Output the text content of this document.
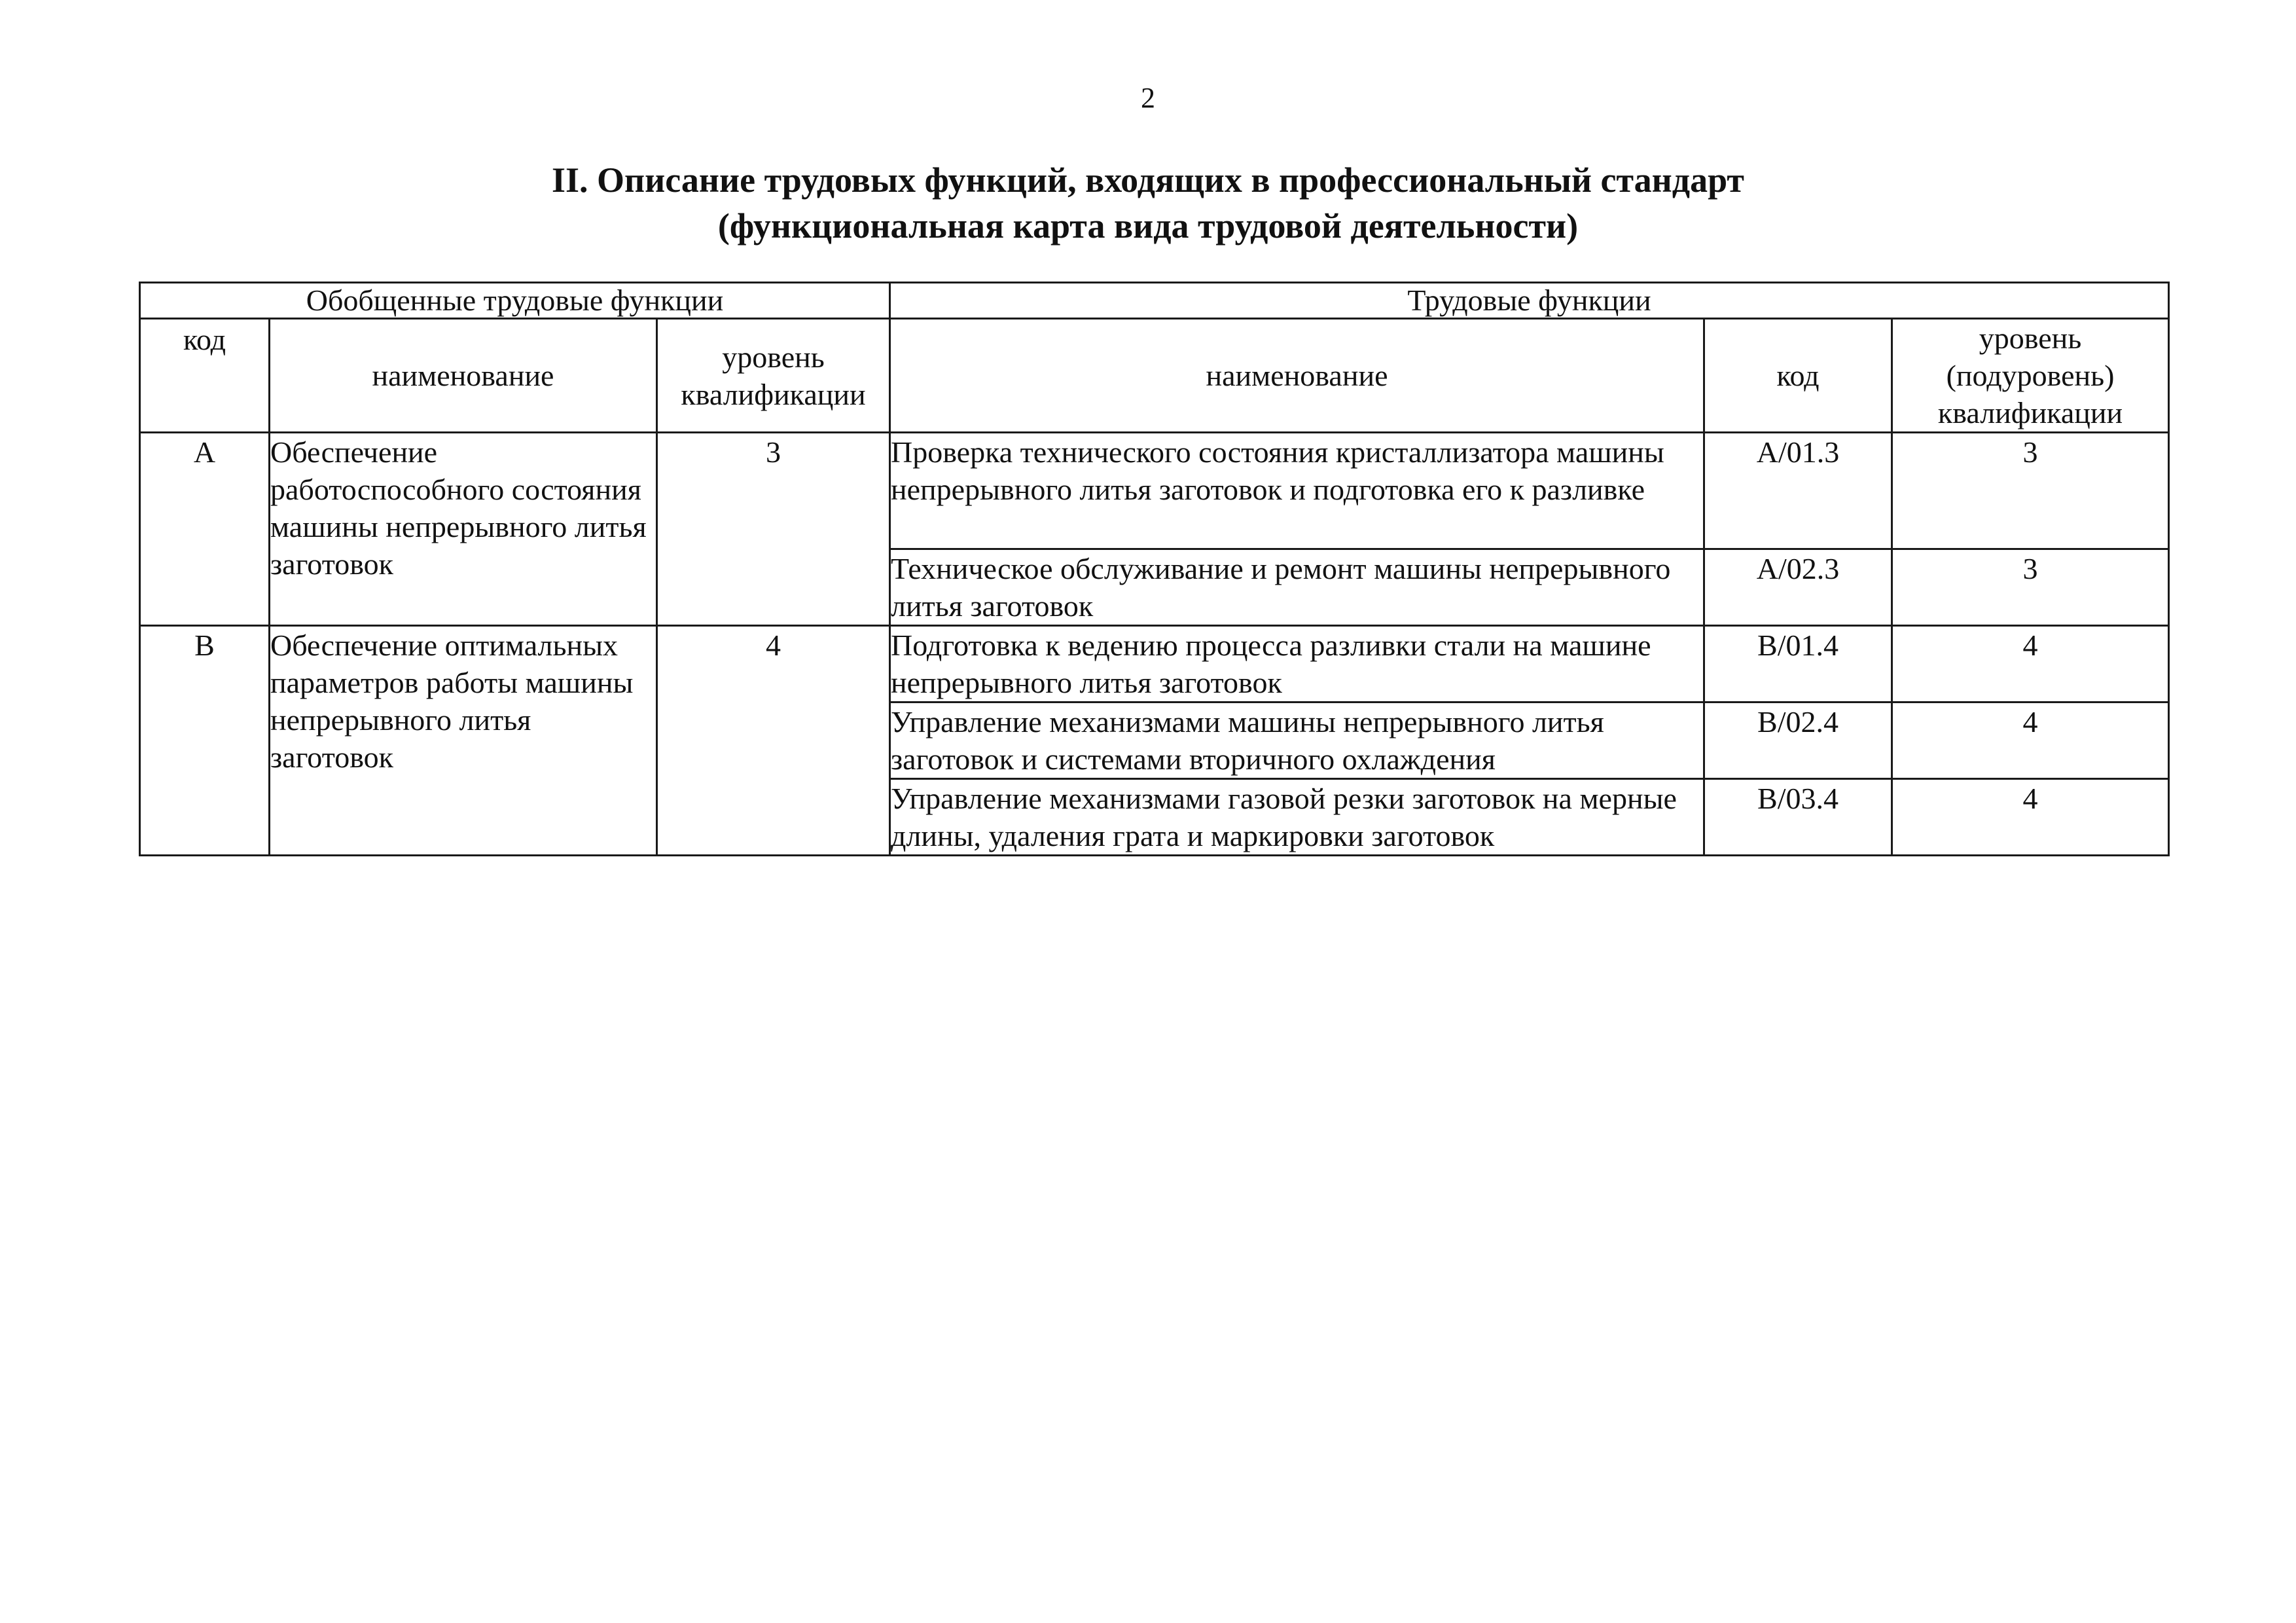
2
II. Описание трудовых функций, входящих в профессиональный стандарт
(функциональная карта вида трудовой деятельности)
Обобщенные трудовые функции			Трудовые функции		
код	наименование	уровень квалификации	наименование	код	уровень (подуровень) квалификации
A	Обеспечение работоспособного состояния машины непрерывного литья заготовок	3	Проверка технического состояния кристаллизатора машины непрерывного литья заготовок и подготовка его к разливке	A/01.3	3
			Техническое обслуживание и ремонт машины непрерывного литья заготовок	A/02.3	3
B	Обеспечение оптимальных параметров работы машины непрерывного литья заготовок	4	Подготовка к ведению процесса разливки стали на машине непрерывного литья заготовок	B/01.4	4
			Управление механизмами машины непрерывного литья заготовок и системами вторичного охлаждения	B/02.4	4
			Управление механизмами газовой резки заготовок на мерные длины, удаления грата и маркировки заготовок	B/03.4	4
